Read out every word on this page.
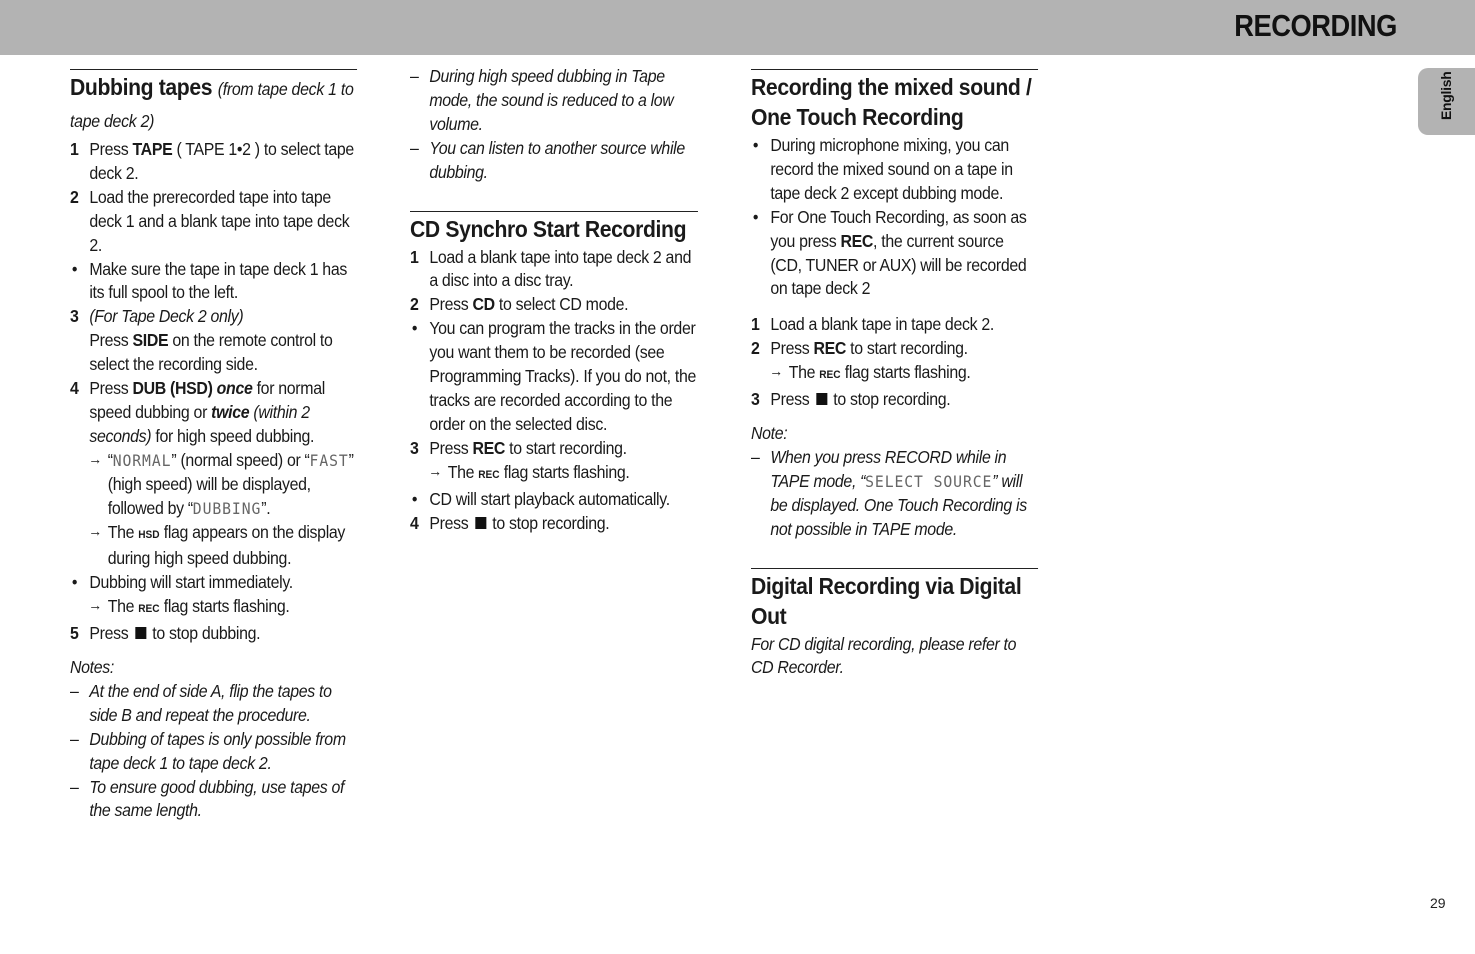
RECORDING
English
Dubbing tapes (from tape deck 1 to tape deck 2)
1 Press TAPE ( TAPE 1•2 ) to select tape deck 2.
2 Load the prerecorded tape into tape deck 1 and a blank tape into tape deck 2.
• Make sure the tape in tape deck 1 has its full spool to the left.
3 (For Tape Deck 2 only)
Press SIDE on the remote control to select the recording side.
4 Press DUB (HSD) once for normal speed dubbing or twice (within 2 seconds) for high speed dubbing.
→ “NORMAL” (normal speed) or “FAST” (high speed) will be displayed, followed by “DUBBING”.
→ The HSD flag appears on the display during high speed dubbing.
• Dubbing will start immediately.
→ The REC flag starts flashing.
5 Press to stop dubbing.

Notes:

– At the end of side A, flip the tapes to side B and repeat the procedure.
– Dubbing of tapes is only possible from tape deck 1 to tape deck 2.
– To ensure good dubbing, use tapes of the same length.
– During high speed dubbing in Tape mode, the sound is reduced to a low volume.
– You can listen to another source while dubbing.
CD Synchro Start Recording
1 Load a blank tape into tape deck 2 and a disc into a disc tray.
2 Press CD to select CD mode.
• You can program the tracks in the order you want them to be recorded (see Programming Tracks). If you do not, the tracks are recorded according to the order on the selected disc.
3 Press REC to start recording.
→ The REC flag starts flashing.
• CD will start playback automatically.
4 Press to stop recording.
Recording the mixed sound / One Touch Recording
• During microphone mixing, you can record the mixed sound on a tape in tape deck 2 except dubbing mode.
• For One Touch Recording, as soon as you press REC, the current source (CD, TUNER or AUX) will be recorded on tape deck 2
1 Load a blank tape in tape deck 2.
2 Press REC to start recording.
→ The REC flag starts flashing.
3 Press to stop recording.

Note:

– When you press RECORD while in TAPE mode, “SELECT SOURCE” will be displayed. One Touch Recording is not possible in TAPE mode.
Digital Recording via Digital Out

For CD digital recording, please refer to CD Recorder.

29
